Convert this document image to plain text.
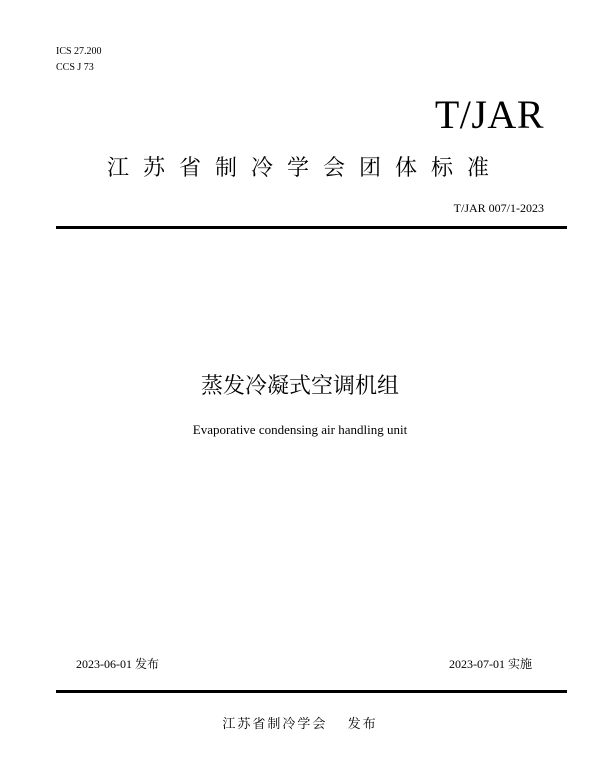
ICS 27.200
CCS J 73
T/JAR
江苏省制冷学会团体标准
T/JAR 007/1-2023
蒸发冷凝式空调机组
Evaporative condensing air handling unit
2023-06-01 发布	2023-07-01 实施
江苏省制冷学会 发布
